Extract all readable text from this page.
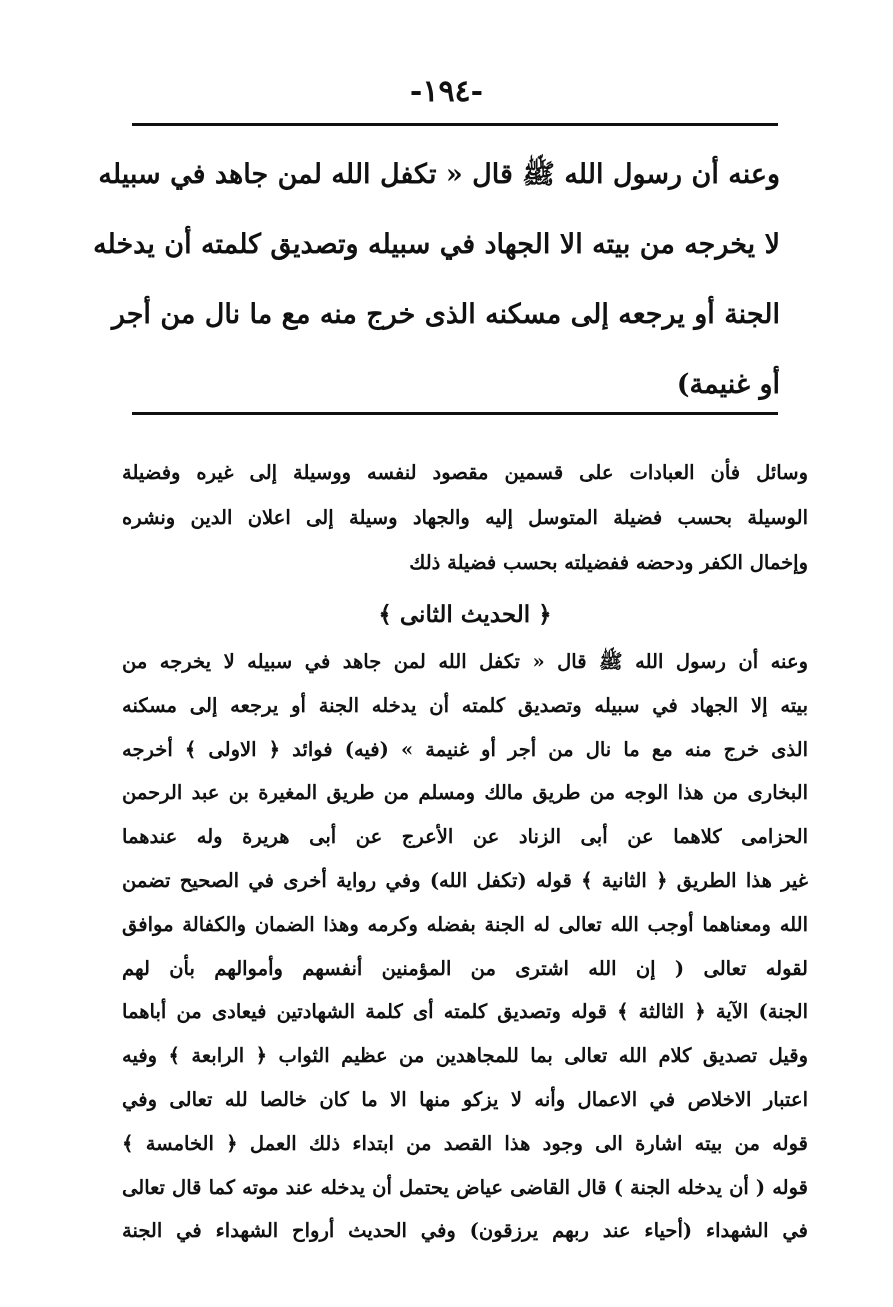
-١٩٤-
وعنه أن رسول الله ﷺ قال « تكفل الله لمن جاهد في سبيله
لا يخرجه من بيته الا الجهاد في سبيله وتصديق كلمته أن يدخله
الجنة أو يرجعه إلى مسكنه الذى خرج منه مع ما نال من أجر
أو غنيمة)
وسائل فأن العبادات على قسمين مقصود لنفسه ووسيلة إلى غيره وفضيلة
الوسيلة بحسب فضيلة المتوسل إليه والجهاد وسيلة إلى اعلان الدين ونشره
وإخمال الكفر ودحضه ففضيلته بحسب فضيلة ذلك
﴿ الحديث الثانى ﴾
وعنه أن رسول الله ﷺ قال « تكفل الله لمن جاهد في سبيله لا يخرجه من
بيته إلا الجهاد في سبيله وتصديق كلمته أن يدخله الجنة أو يرجعه إلى مسكنه
الذى خرج منه مع ما نال من أجر أو غنيمة » (فيه) فوائد ﴿ الاولى ﴾ أخرجه
البخارى من هذا الوجه من طريق مالك ومسلم من طريق المغيرة بن عبد الرحمن
الحزامى كلاهما عن أبى الزناد عن الأعرج عن أبى هريرة وله عندهما
غير هذا الطريق ﴿ الثانية ﴾ قوله (تكفل الله) وفي رواية أخرى في الصحيح تضمن
الله ومعناهما أوجب الله تعالى له الجنة بفضله وكرمه وهذا الضمان والكفالة موافق
لقوله تعالى ( إن الله اشترى من المؤمنين أنفسهم وأموالهم بأن لهم
الجنة) الآية ﴿ الثالثة ﴾ قوله وتصديق كلمته أى كلمة الشهادتين فيعادى من أباهما
وقيل تصديق كلام الله تعالى بما للمجاهدين من عظيم الثواب ﴿ الرابعة ﴾ وفيه
اعتبار الاخلاص في الاعمال وأنه لا يزكو منها الا ما كان خالصا لله تعالى وفي
قوله من بيته اشارة الى وجود هذا القصد من ابتداء ذلك العمل ﴿ الخامسة ﴾
قوله ( أن يدخله الجنة ) قال القاضى عياض يحتمل أن يدخله عند موته كما قال تعالى
في الشهداء (أحياء عند ربهم يرزقون) وفي الحديث أرواح الشهداء في الجنة
